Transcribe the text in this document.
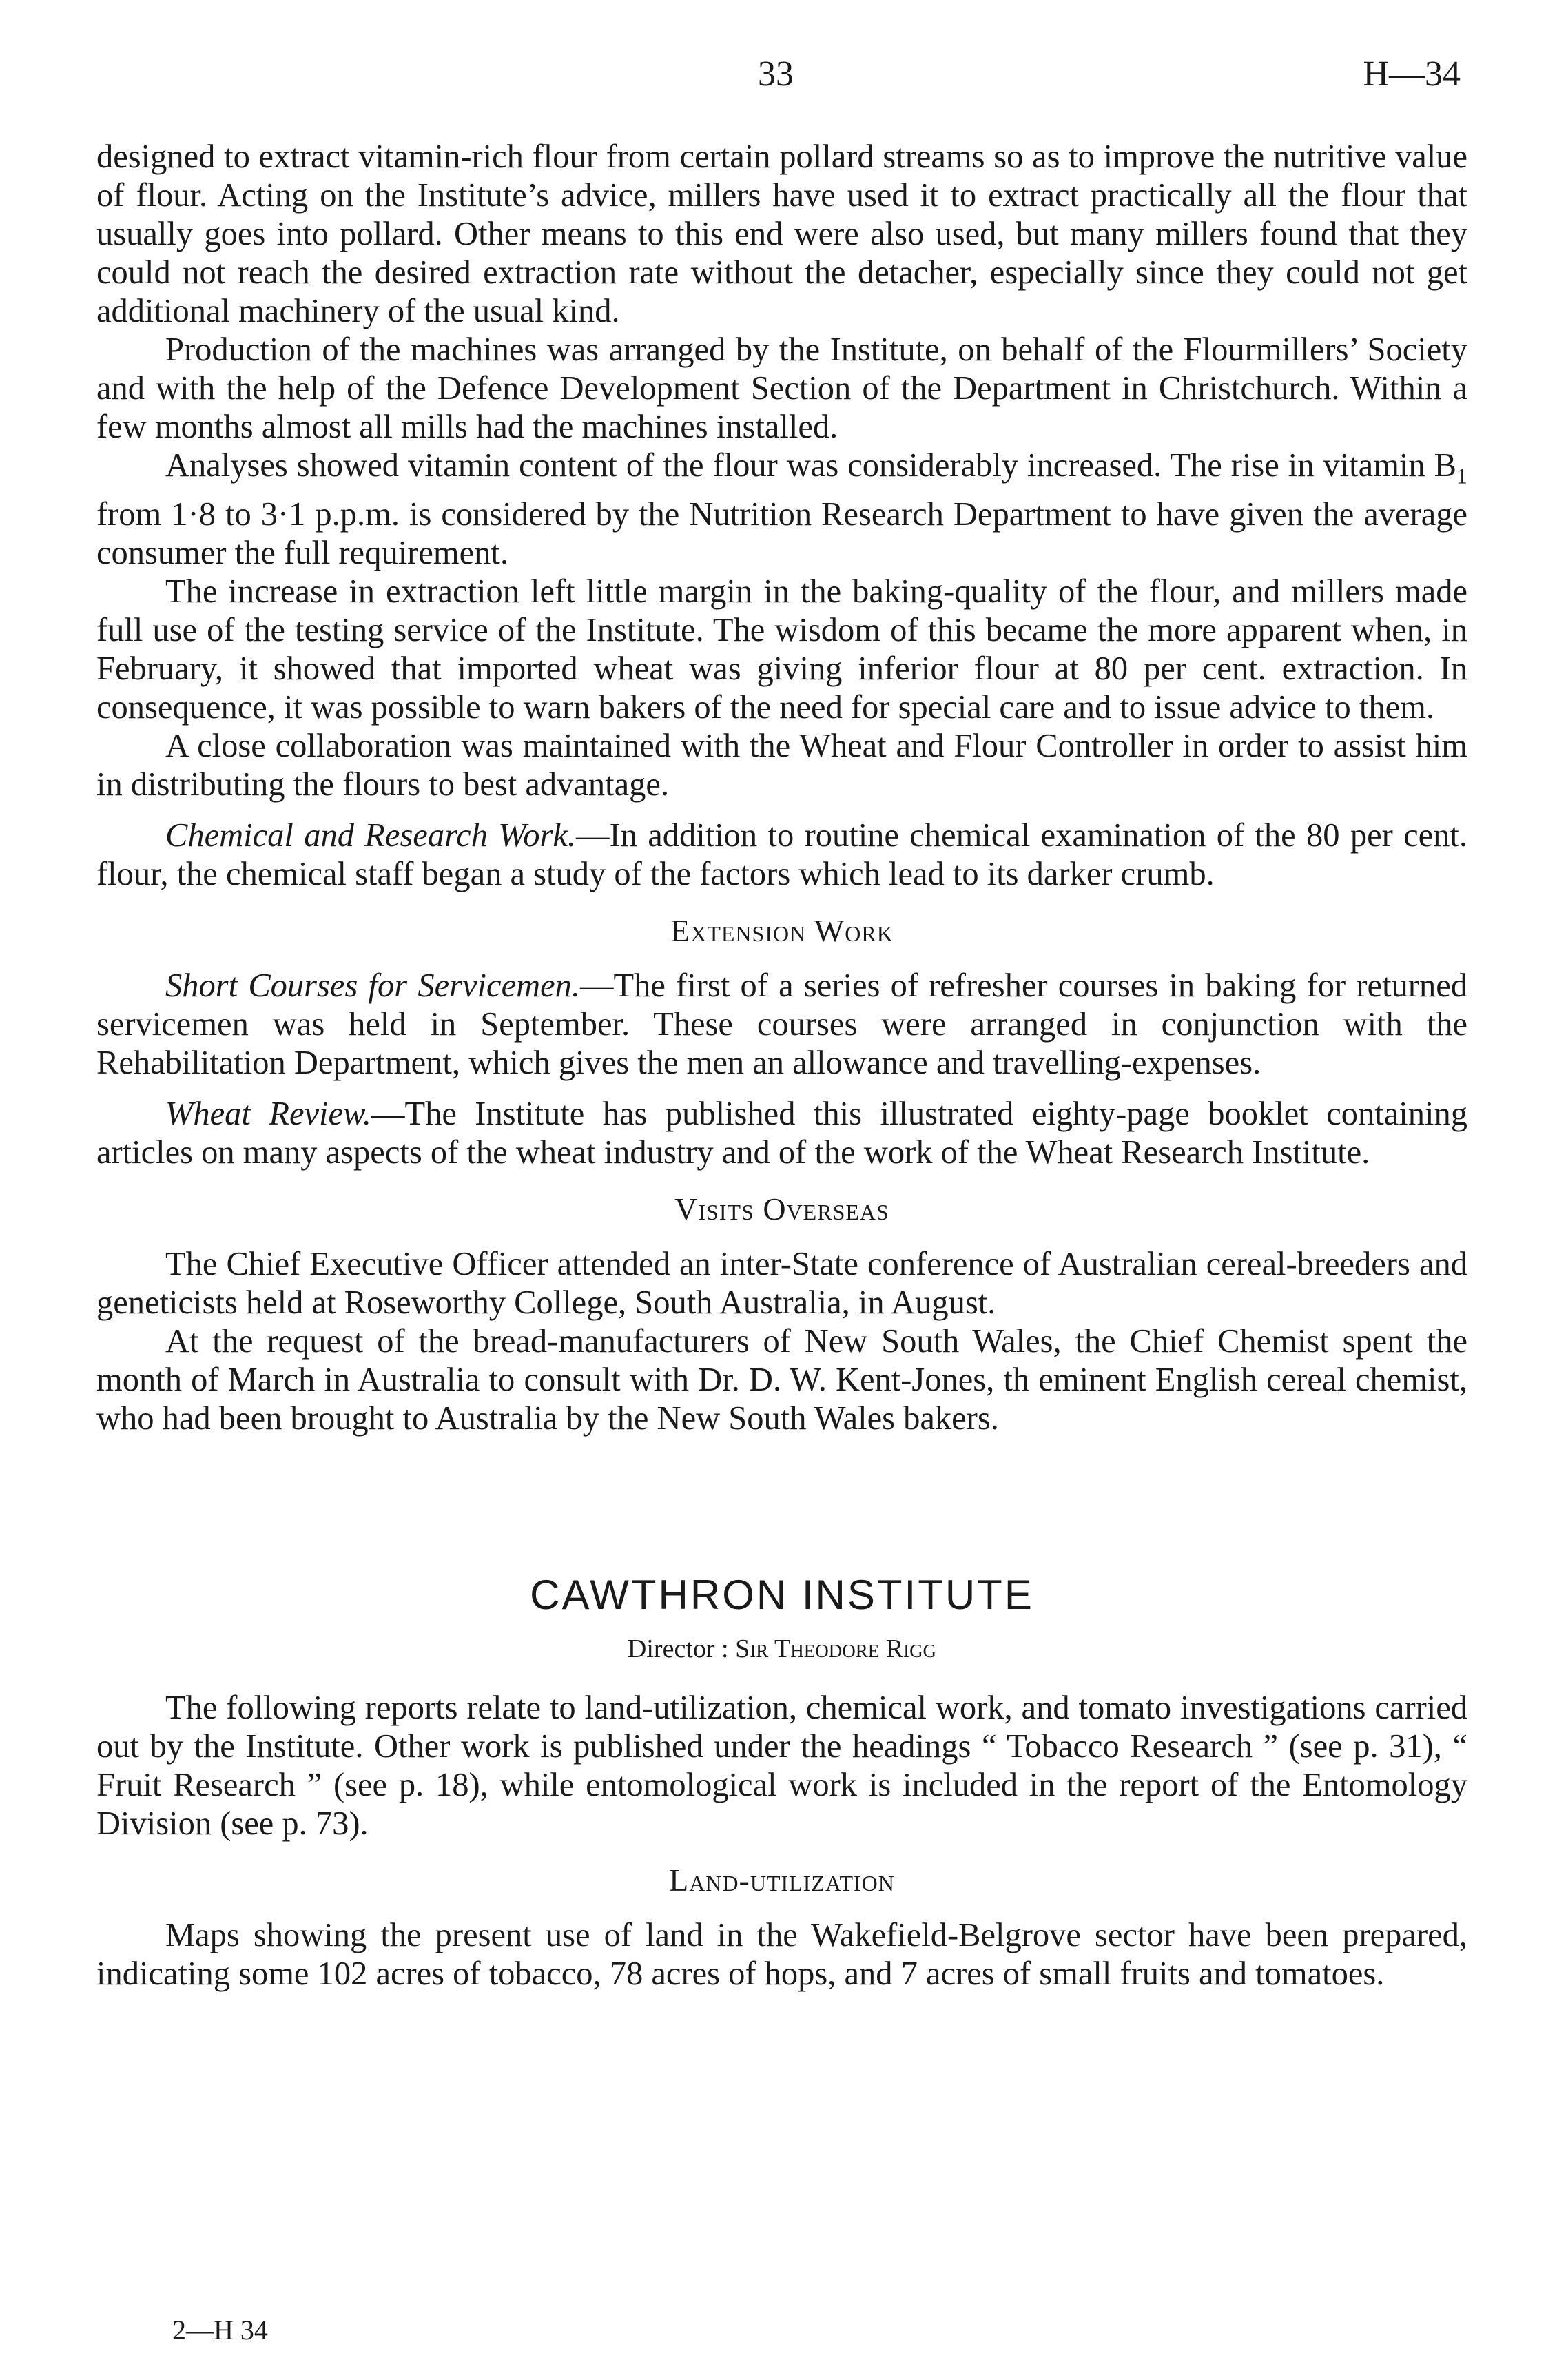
33	H—34

designed to extract vitamin-rich flour from certain pollard streams so as to improve the nutritive value of flour. Acting on the Institute’s advice, millers have used it to extract practically all the flour that usually goes into pollard. Other means to this end were also used, but many millers found that they could not reach the desired extraction rate without the detacher, especially since they could not get additional machinery of the usual kind.

Production of the machines was arranged by the Institute, on behalf of the Flourmillers’ Society and with the help of the Defence Development Section of the Department in Christchurch. Within a few months almost all mills had the machines installed.

Analyses showed vitamin content of the flour was considerably increased. The rise in vitamin $B_1$ from 1·8 to 3·1 p.p.m. is considered by the Nutrition Research Department to have given the average consumer the full requirement.

The increase in extraction left little margin in the baking-quality of the flour, and millers made full use of the testing service of the Institute. The wisdom of this became the more apparent when, in February, it showed that imported wheat was giving inferior flour at 80 per cent. extraction. In consequence, it was possible to warn bakers of the need for special care and to issue advice to them.

A close collaboration was maintained with the Wheat and Flour Controller in order to assist him in distributing the flours to best advantage.

Chemical and Research Work.—In addition to routine chemical examination of the 80 per cent. flour, the chemical staff began a study of the factors which lead to its darker crumb.

Extension Work

Short Courses for Servicemen.—The first of a series of refresher courses in baking for returned servicemen was held in September. These courses were arranged in conjunction with the Rehabilitation Department, which gives the men an allowance and travelling-expenses.

Wheat Review.—The Institute has published this illustrated eighty-page booklet containing articles on many aspects of the wheat industry and of the work of the Wheat Research Institute.

Visits Overseas

The Chief Executive Officer attended an inter-State conference of Australian cereal-breeders and geneticists held at Roseworthy College, South Australia, in August.

At the request of the bread-manufacturers of New South Wales, the Chief Chemist spent the month of March in Australia to consult with Dr. D. W. Kent-Jones, th eminent English cereal chemist, who had been brought to Australia by the New South Wales bakers.

CAWTHRON INSTITUTE
Director : Sir Theodore Rigg

The following reports relate to land-utilization, chemical work, and tomato investigations carried out by the Institute. Other work is published under the headings “ Tobacco Research ” (see p. 31), “ Fruit Research ” (see p. 18), while entomological work is included in the report of the Entomology Division (see p. 73).

Land-utilization

Maps showing the present use of land in the Wakefield-Belgrove sector have been prepared, indicating some 102 acres of tobacco, 78 acres of hops, and 7 acres of small fruits and tomatoes.

2—H 34
